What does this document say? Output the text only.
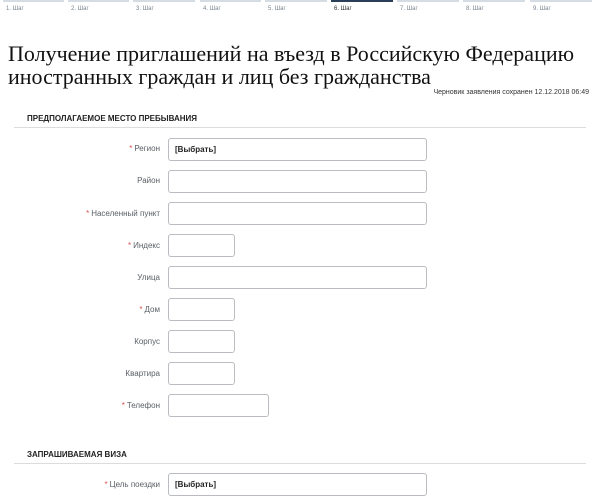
1. Шаг	2. Шаг	3. Шаг	4. Шаг	5. Шаг	6. Шаг	7. Шаг	8. Шаг	9. Шаг
Получение приглашений на въезд в Российскую Федерацию иностранных граждан и лиц без гражданства
Черновик заявления сохранен 12.12.2018 06:49
ПРЕДПОЛАГАЕМОЕ МЕСТО ПРЕБЫВАНИЯ
* Регион	[Выбрать]
Район
* Населенный пункт
* Индекс
Улица
* Дом
Корпус
Квартира
* Телефон
ЗАПРАШИВАЕМАЯ ВИЗА
* Цель поездки	[Выбрать]
